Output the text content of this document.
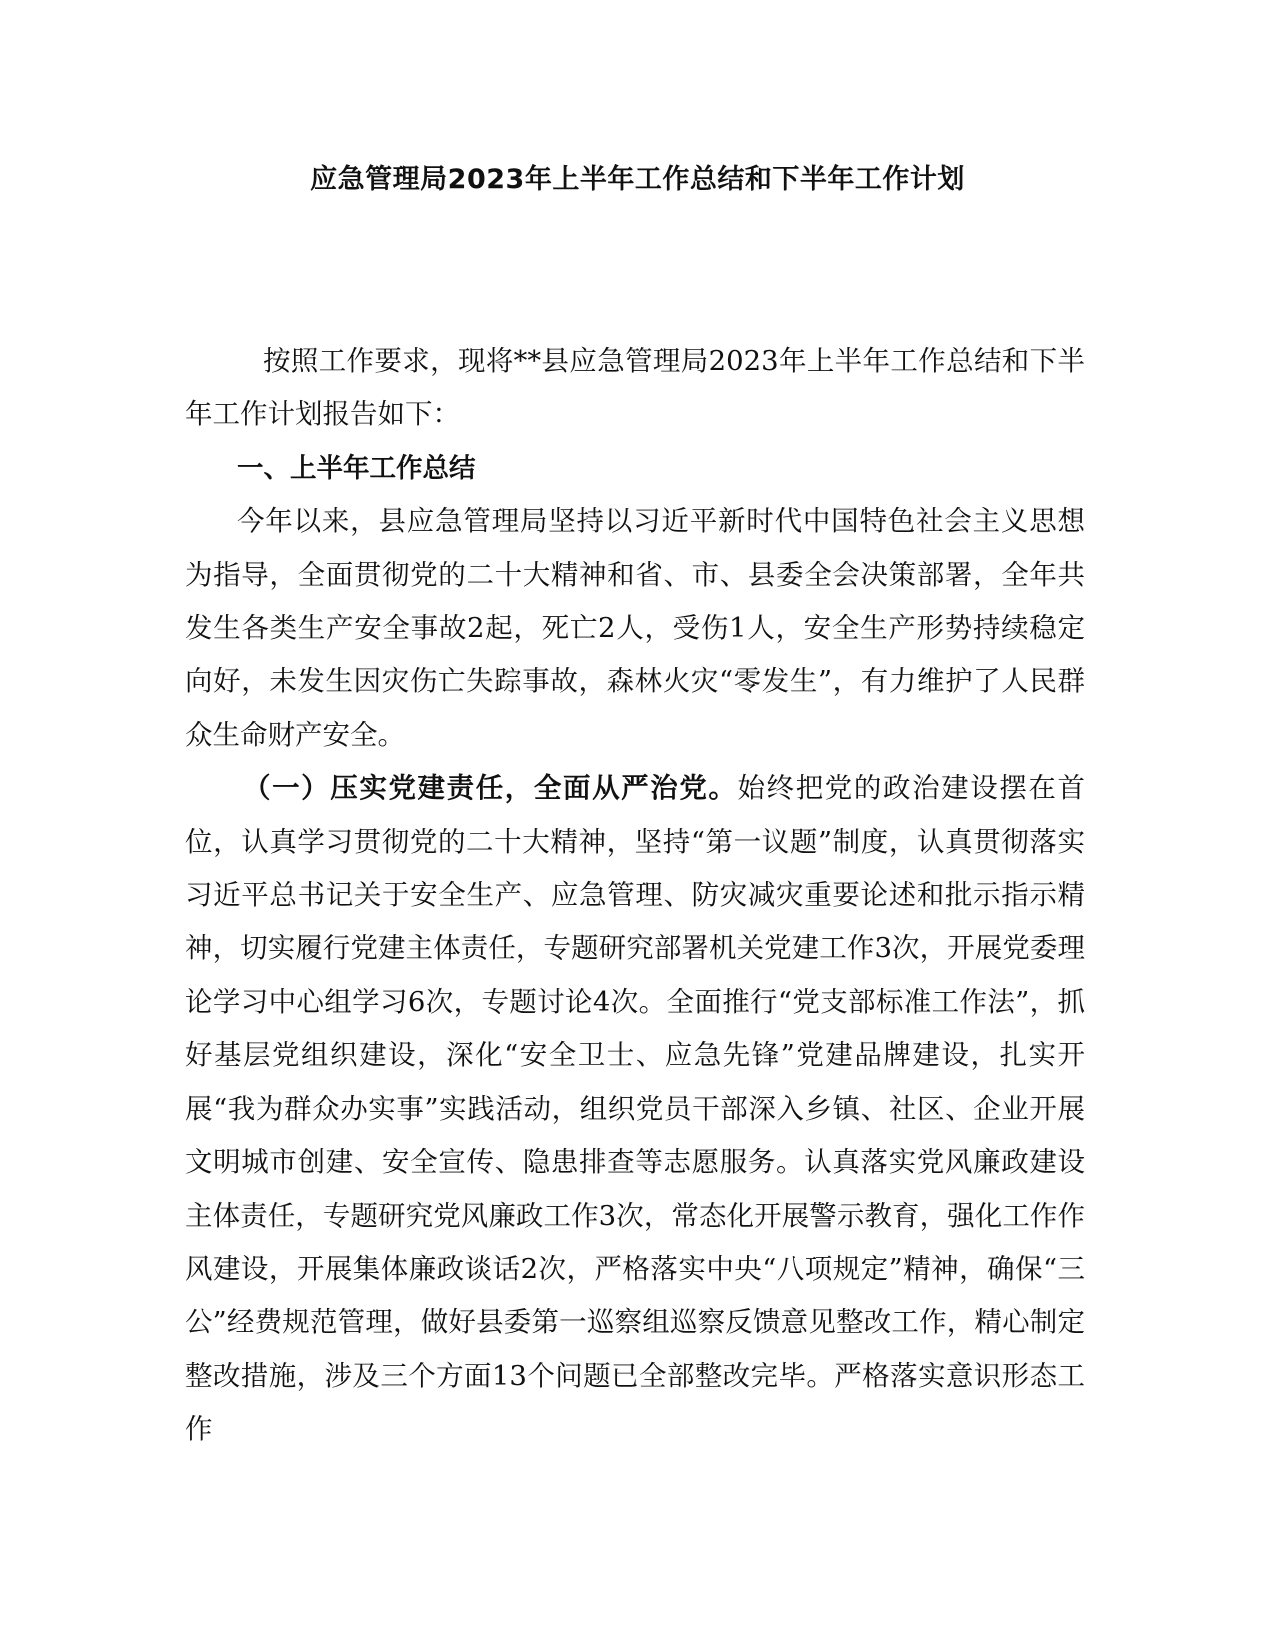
应急管理局2023年上半年工作总结和下半年工作计划

按照工作要求，现将**县应急管理局2023年上半年工作总结和下半年工作计划报告如下：

一、上半年工作总结

今年以来，县应急管理局坚持以习近平新时代中国特色社会主义思想为指导，全面贯彻党的二十大精神和省、市、县委全会决策部署，全年共发生各类生产安全事故2起，死亡2人，受伤1人，安全生产形势持续稳定向好，未发生因灾伤亡失踪事故，森林火灾“零发生”，有力维护了人民群众生命财产安全。

（一）压实党建责任，全面从严治党。始终把党的政治建设摆在首位，认真学习贯彻党的二十大精神，坚持“第一议题”制度，认真贯彻落实习近平总书记关于安全生产、应急管理、防灾减灾重要论述和批示指示精神，切实履行党建主体责任，专题研究部署机关党建工作3次，开展党委理论学习中心组学习6次，专题讨论4次。全面推行“党支部标准工作法”，抓好基层党组织建设，深化“安全卫士、应急先锋”党建品牌建设，扎实开展“我为群众办实事”实践活动，组织党员干部深入乡镇、社区、企业开展文明城市创建、安全宣传、隐患排查等志愿服务。认真落实党风廉政建设主体责任，专题研究党风廉政工作3次，常态化开展警示教育，强化工作作风建设，开展集体廉政谈话2次，严格落实中央“八项规定”精神，确保“三公”经费规范管理，做好县委第一巡察组巡察反馈意见整改工作，精心制定整改措施，涉及三个方面13个问题已全部整改完毕。严格落实意识形态工作
